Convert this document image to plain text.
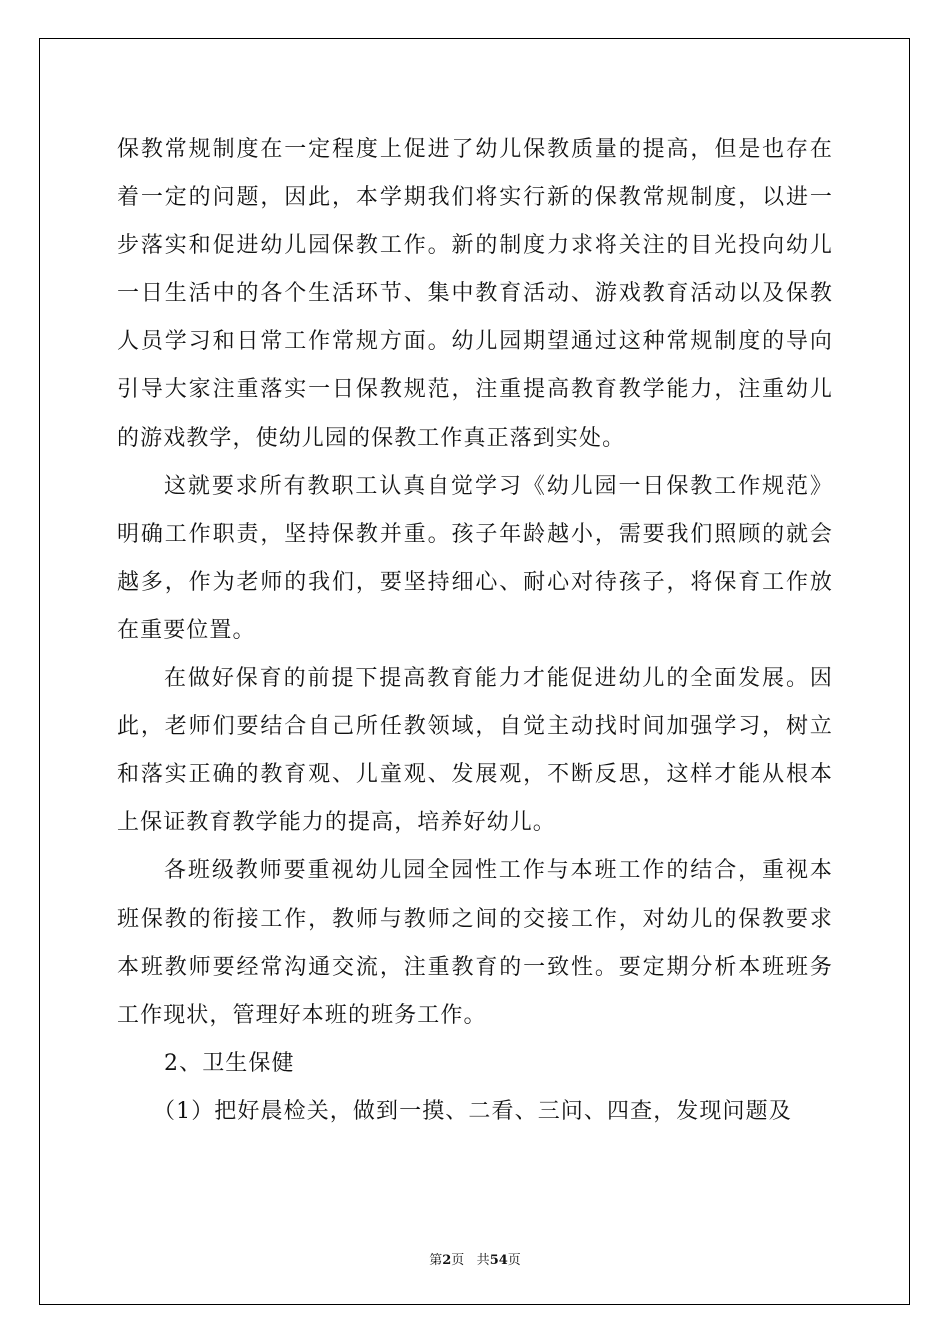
保教常规制度在一定程度上促进了幼儿保教质量的提高，但是也存在着一定的问题，因此，本学期我们将实行新的保教常规制度，以进一步落实和促进幼儿园保教工作。新的制度力求将关注的目光投向幼儿一日生活中的各个生活环节、集中教育活动、游戏教育活动以及保教人员学习和日常工作常规方面。幼儿园期望通过这种常规制度的导向引导大家注重落实一日保教规范，注重提高教育教学能力，注重幼儿的游戏教学，使幼儿园的保教工作真正落到实处。

这就要求所有教职工认真自觉学习《幼儿园一日保教工作规范》明确工作职责，坚持保教并重。孩子年龄越小，需要我们照顾的就会越多，作为老师的我们，要坚持细心、耐心对待孩子，将保育工作放在重要位置。

在做好保育的前提下提高教育能力才能促进幼儿的全面发展。因此，老师们要结合自己所任教领域，自觉主动找时间加强学习，树立和落实正确的教育观、儿童观、发展观，不断反思，这样才能从根本上保证教育教学能力的提高，培养好幼儿。

各班级教师要重视幼儿园全园性工作与本班工作的结合，重视本班保教的衔接工作，教师与教师之间的交接工作，对幼儿的保教要求本班教师要经常沟通交流，注重教育的一致性。要定期分析本班班务工作现状，管理好本班的班务工作。

2、卫生保健

（1）把好晨检关，做到一摸、二看、三问、四查，发现问题及

第2页 共54页
